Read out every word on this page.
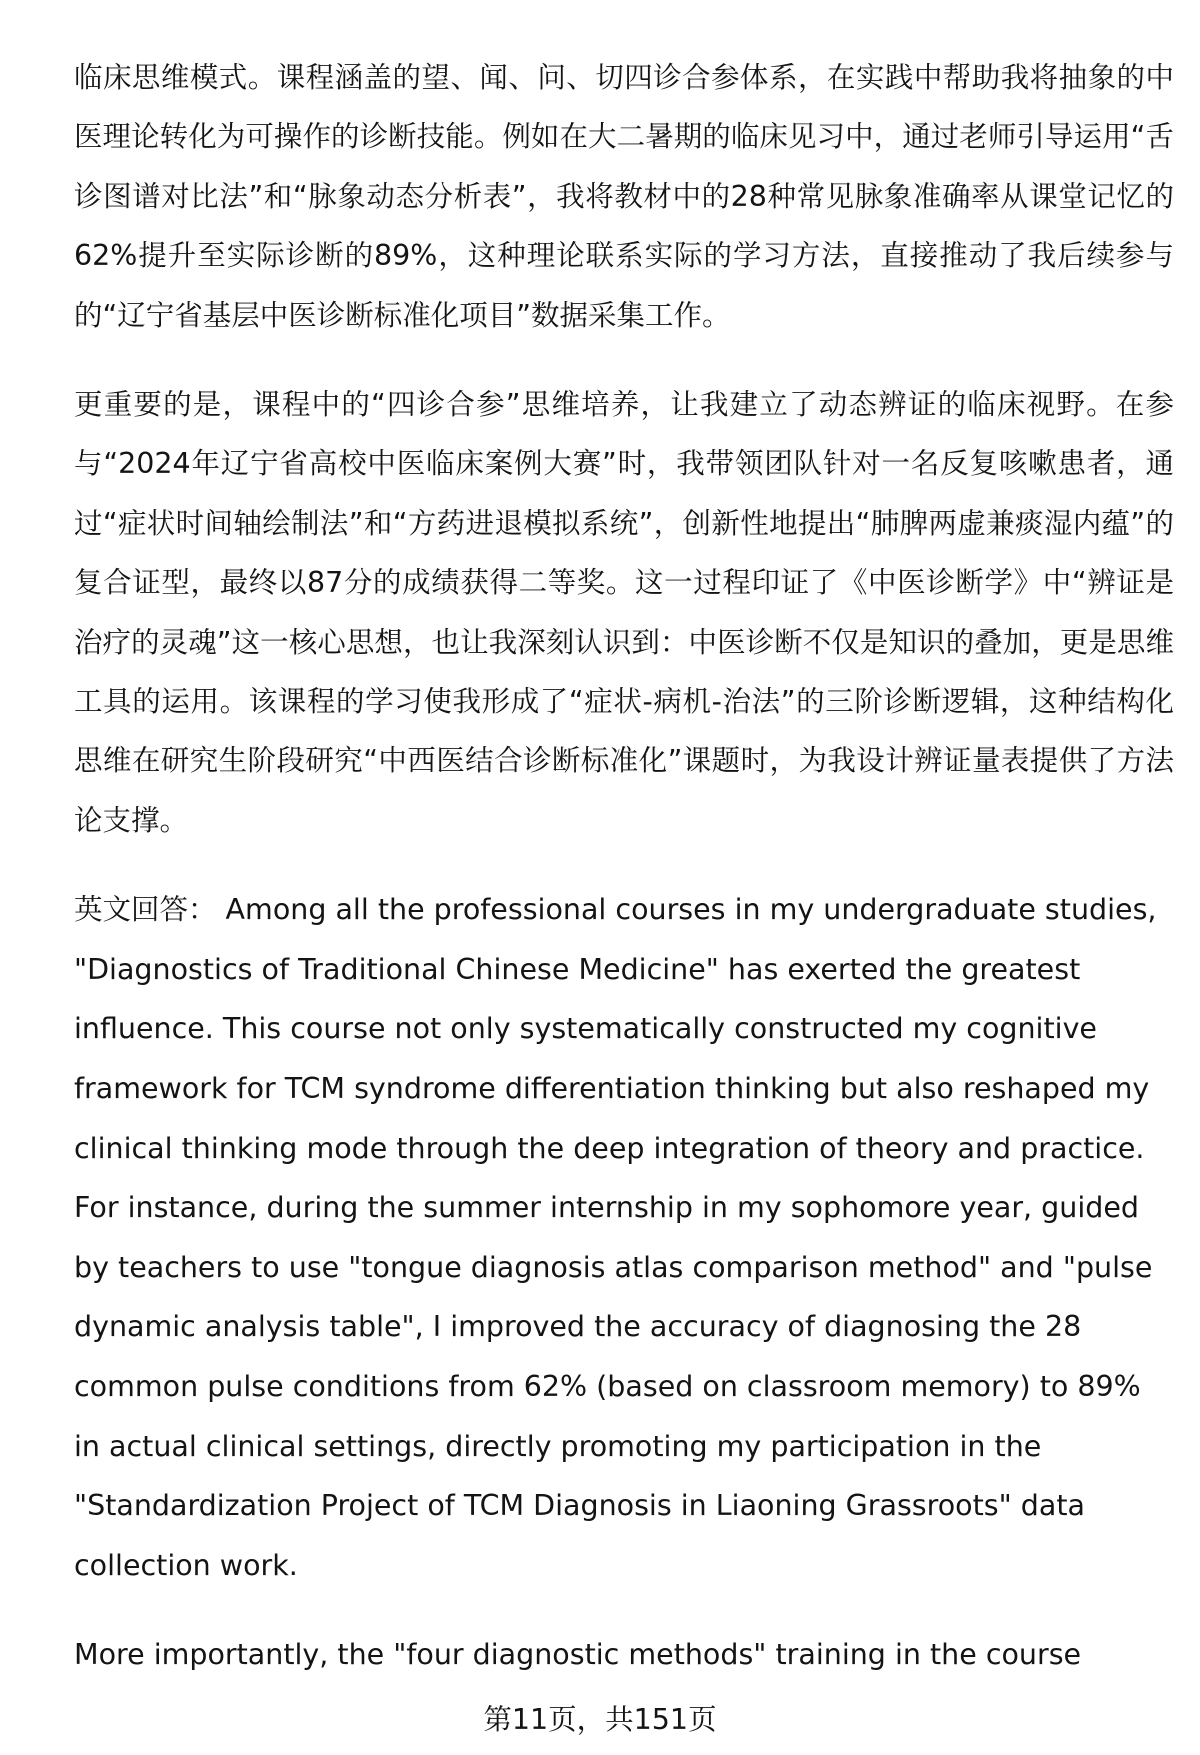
临床思维模式。课程涵盖的望、闻、问、切四诊合参体系，在实践中帮助我将抽象的中医理论转化为可操作的诊断技能。例如在大二暑期的临床见习中，通过老师引导运用“舌诊图谱对比法”和“脉象动态分析表”，我将教材中的28种常见脉象准确率从课堂记忆的62%提升至实际诊断的89%，这种理论联系实际的学习方法，直接推动了我后续参与的“辽宁省基层中医诊断标准化项目”数据采集工作。

更重要的是，课程中的“四诊合参”思维培养，让我建立了动态辨证的临床视野。在参与“2024年辽宁省高校中医临床案例大赛”时，我带领团队针对一名反复咳嗽患者，通过“症状时间轴绘制法”和“方药进退模拟系统”，创新性地提出“肺脾两虚兼痰湿内蕴”的复合证型，最终以87分的成绩获得二等奖。这一过程印证了《中医诊断学》中“辨证是治疗的灵魂”这一核心思想，也让我深刻认识到：中医诊断不仅是知识的叠加，更是思维工具的运用。该课程的学习使我形成了“症状-病机-治法”的三阶诊断逻辑，这种结构化思维在研究生阶段研究“中西医结合诊断标准化”课题时，为我设计辨证量表提供了方法论支撑。

英文回答： Among all the professional courses in my undergraduate studies, "Diagnostics of Traditional Chinese Medicine" has exerted the greatest influence. This course not only systematically constructed my cognitive framework for TCM syndrome differentiation thinking but also reshaped my clinical thinking mode through the deep integration of theory and practice. For instance, during the summer internship in my sophomore year, guided by teachers to use "tongue diagnosis atlas comparison method" and "pulse dynamic analysis table", I improved the accuracy of diagnosing the 28 common pulse conditions from 62% (based on classroom memory) to 89% in actual clinical settings, directly promoting my participation in the "Standardization Project of TCM Diagnosis in Liaoning Grassroots" data collection work.

More importantly, the "four diagnostic methods" training in the course

第11页，共151页
